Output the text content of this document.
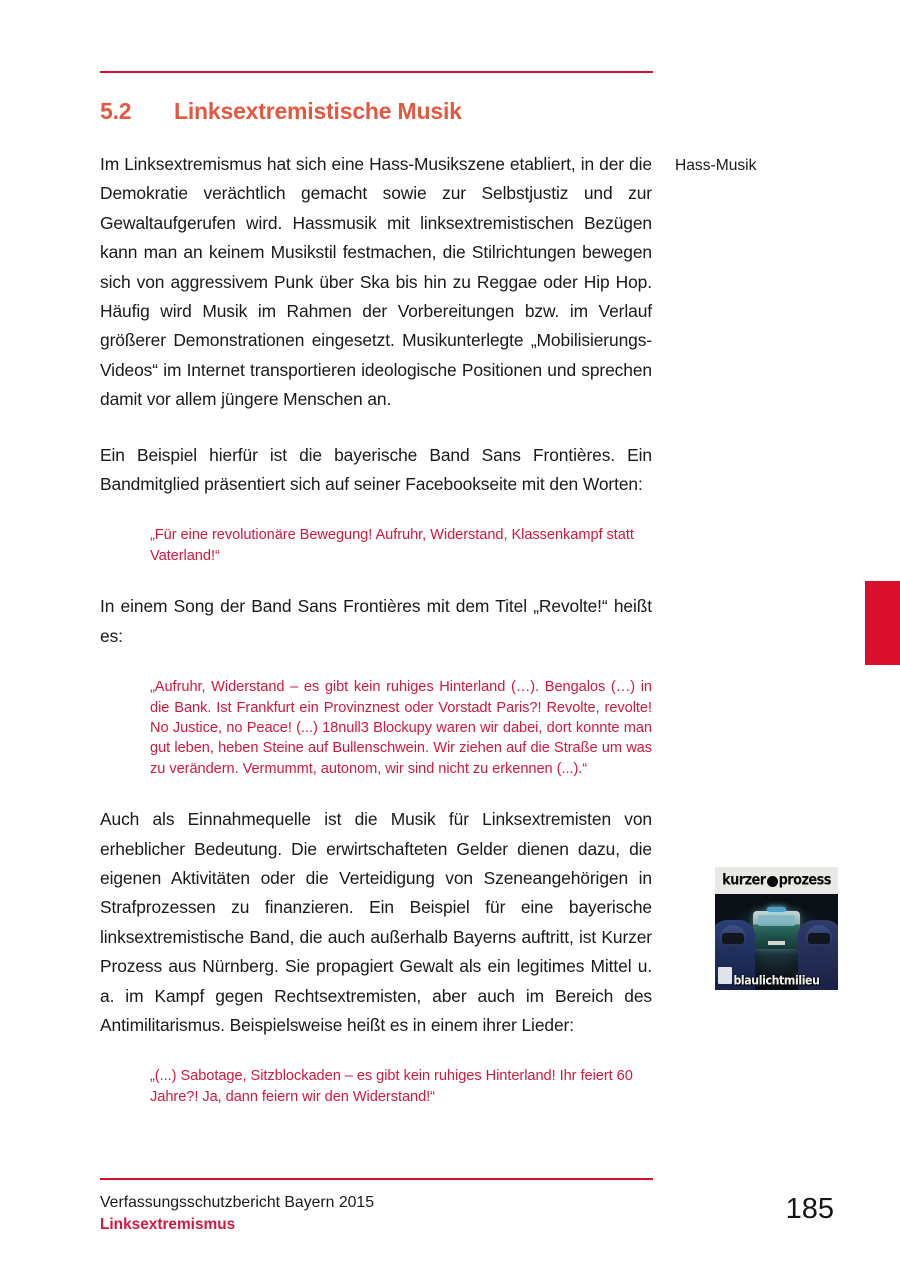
5.2	Linksextremistische Musik
Hass-Musik
kurzer prozess
blaulichtmilieu

Im Linksextremismus hat sich eine Hass-Musikszene etabliert, in der die Demokratie verächtlich gemacht sowie zur Selbstjustiz und zur Gewaltaufgerufen wird. Hassmusik mit linksextremistischen Bezügen kann man an keinem Musikstil festmachen, die Stilrichtungen bewegen sich von aggressivem Punk über Ska bis hin zu Reggae oder Hip Hop. Häufig wird Musik im Rahmen der Vorbereitungen bzw. im Verlauf größerer Demonstrationen eingesetzt. Musikunterlegte „Mobilisierungs-Videos“ im Internet transportieren ideologische Positionen und sprechen damit vor allem jüngere Menschen an.

Ein Beispiel hierfür ist die bayerische Band Sans Frontières. Ein Bandmitglied präsentiert sich auf seiner Facebookseite mit den Worten:

„Für eine revolutionäre Bewegung! Aufruhr, Widerstand, Klassenkampf statt Vaterland!“

In einem Song der Band Sans Frontières mit dem Titel „Revolte!“ heißt es:

„Aufruhr, Widerstand – es gibt kein ruhiges Hinterland (…). Bengalos (…) in die Bank. Ist Frankfurt ein Provinznest oder Vorstadt Paris?! Revolte, revolte! No Justice, no Peace! (...) 18null3 Blockupy waren wir dabei, dort konnte man gut leben, heben Steine auf Bullenschwein. Wir ziehen auf die Straße um was zu verändern. Vermummt, autonom, wir sind nicht zu erkennen (...).“

Auch als Einnahmequelle ist die Musik für Linksextremisten von erheblicher Bedeutung. Die erwirtschafteten Gelder dienen dazu, die eigenen Aktivitäten oder die Verteidigung von Szeneangehörigen in Strafprozessen zu finanzieren. Ein Beispiel für eine bayerische linksextremistische Band, die auch außerhalb Bayerns auftritt, ist Kurzer Prozess aus Nürnberg. Sie propagiert Gewalt als ein legitimes Mittel u. a. im Kampf gegen Rechtsextremisten, aber auch im Bereich des Antimilitarismus. Beispielsweise heißt es in einem ihrer Lieder:

„(...) Sabotage, Sitzblockaden – es gibt kein ruhiges Hinterland! Ihr feiert 60 Jahre?! Ja, dann feiern wir den Widerstand!“
Verfassungsschutzbericht Bayern 2015
Linksextremismus	185
